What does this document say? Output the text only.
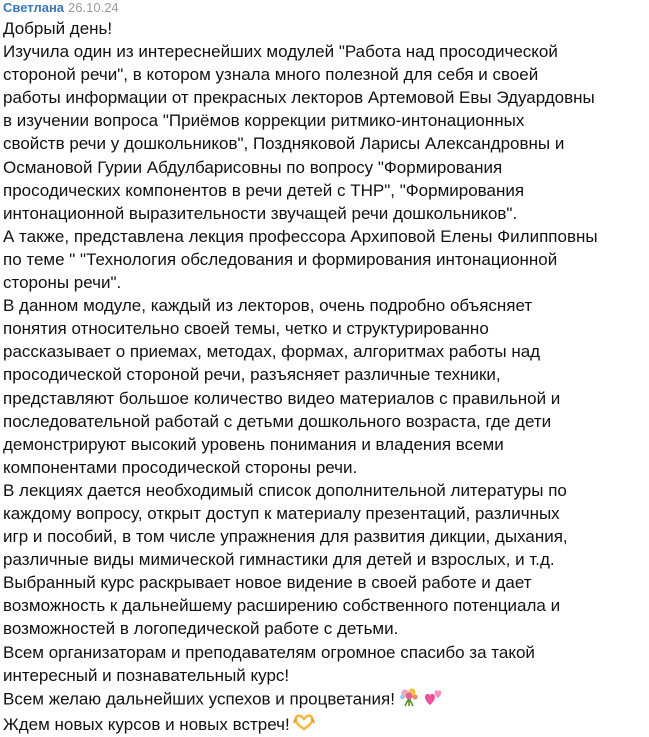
Светлана 26.10.24
Добрый день!
Изучила один из интереснейших модулей "Работа над просодической
стороной речи", в котором узнала много полезной для себя и своей
работы информации от прекрасных лекторов Артемовой Евы Эдуардовны
в изучении вопроса "Приёмов коррекции ритмико-интонационных
свойств речи у дошкольников", Поздняковой Ларисы Александровны и
Османовой Гурии Абдулбарисовны по вопросу "Формирования
просодических компонентов в речи детей с ТНР", "Формирования
интонационной выразительности звучащей речи дошкольников".
А также, представлена лекция профессора Архиповой Елены Филипповны
по теме " "Технология обследования и формирования интонационной
стороны речи".
В данном модуле, каждый из лекторов, очень подробно объясняет
понятия относительно своей темы, четко и структурированно
рассказывает о приемах, методах, формах, алгоритмах работы над
просодической стороной речи, разъясняет различные техники,
представляют большое количество видео материалов с правильной и
последовательной работай с детьми дошкольного возраста, где дети
демонстрируют высокий уровень понимания и владения всеми
компонентами просодической стороны речи.
В лекциях дается необходимый список дополнительной литературы по
каждому вопросу, открыт доступ к материалу презентаций, различных
игр и пособий, в том числе упражнения для развития дикции, дыхания,
различные виды мимической гимнастики для детей и взрослых, и т.д.
Выбранный курс раскрывает новое видение в своей работе и дает
возможность к дальнейшему расширению собственного потенциала и
возможностей в логопедической работе с детьми.
Всем организаторам и преподавателям огромное спасибо за такой
интересный и познавательный курс!
Всем желаю дальнейших успехов и процветания!
Ждем новых курсов и новых встреч!
